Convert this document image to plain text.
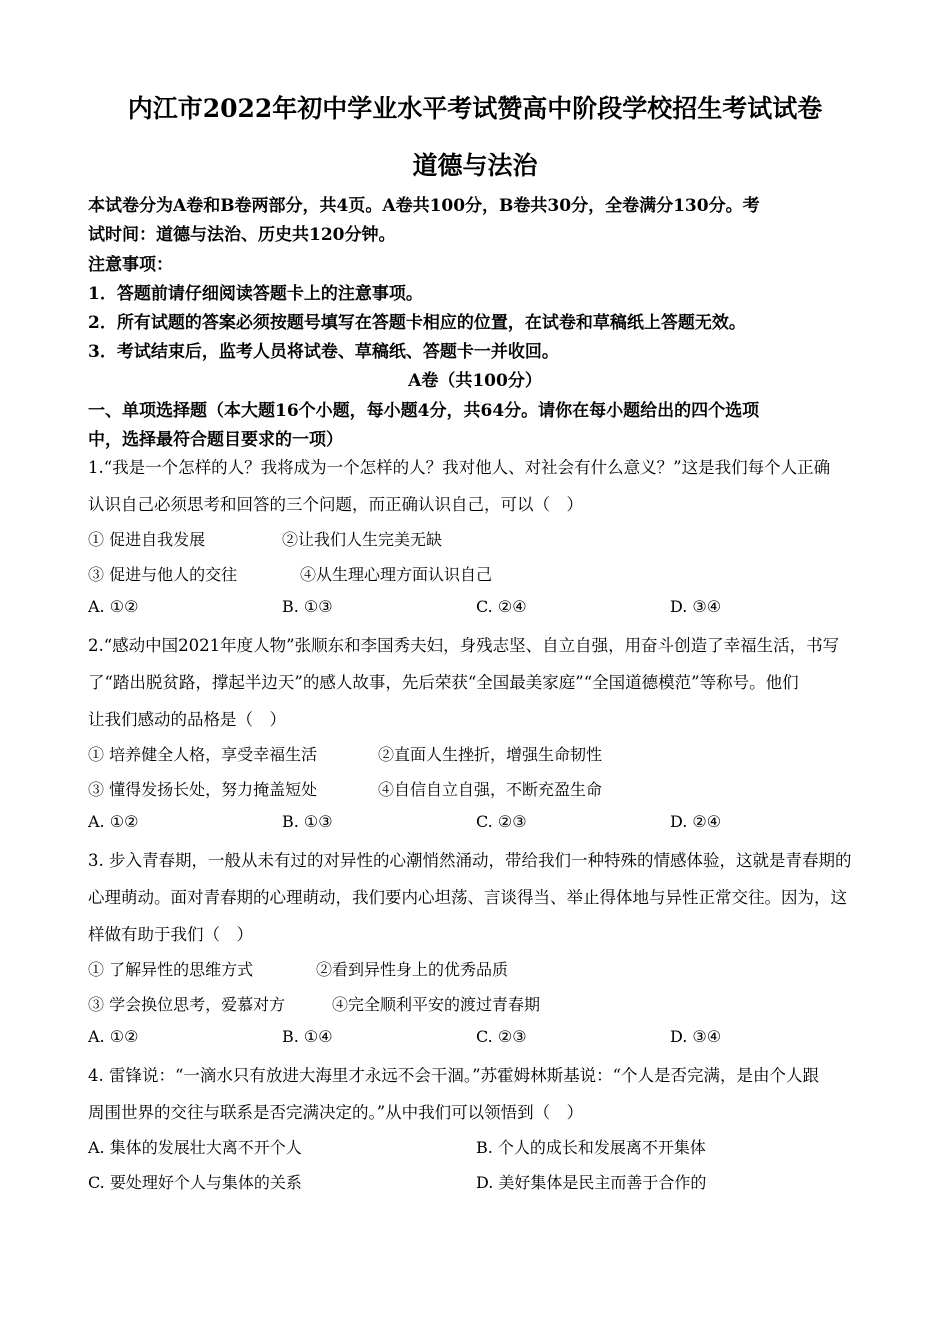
内江市2022年初中学业水平考试赞高中阶段学校招生考试试卷
道德与法治
本试卷分为A卷和B卷两部分，共4页。A卷共100分，B卷共30分，全卷满分130分。考
试时间：道德与法治、历史共120分钟。
注意事项：
1．答题前请仔细阅读答题卡上的注意事项。
2．所有试题的答案必须按题号填写在答题卡相应的位置，在试卷和草稿纸上答题无效。
3．考试结束后，监考人员将试卷、草稿纸、答题卡一并收回。
A卷（共100分）
一、单项选择题（本大题16个小题，每小题4分，共64分。请你在每小题给出的四个选项
中，选择最符合题目要求的一项）
1.“我是一个怎样的人？我将成为一个怎样的人？我对他人、对社会有什么意义？”这是我们每个人正确
认识自己必须思考和回答的三个问题，而正确认识自己，可以（　）
① 促进自我发展	②让我们人生完美无缺
③ 促进与他人的交往	④从生理心理方面认识自己
A. ①②	B. ①③	C. ②④	D. ③④
2.“感动中国2021年度人物”张顺东和李国秀夫妇，身残志坚、自立自强，用奋斗创造了幸福生活，书写
了“踏出脱贫路，撑起半边天”的感人故事，先后荣获“全国最美家庭”“全国道德模范”等称号。他们
让我们感动的品格是（　）
① 培养健全人格，享受幸福生活	②直面人生挫折，增强生命韧性
③ 懂得发扬长处，努力掩盖短处	④自信自立自强，不断充盈生命
A. ①②	B. ①③	C. ②③	D. ②④
3. 步入青春期，一般从未有过的对异性的心潮悄然涌动，带给我们一种特殊的情感体验，这就是青春期的
心理萌动。面对青春期的心理萌动，我们要内心坦荡、言谈得当、举止得体地与异性正常交往。因为，这
样做有助于我们（　）
① 了解异性的思维方式	②看到异性身上的优秀品质
③ 学会换位思考，爱慕对方	④完全顺利平安的渡过青春期
A. ①②	B. ①④	C. ②③	D. ③④
4. 雷锋说：“一滴水只有放进大海里才永远不会干涸。”苏霍姆林斯基说：“个人是否完满，是由个人跟
周围世界的交往与联系是否完满决定的。”从中我们可以领悟到（　）
A. 集体的发展壮大离不开个人	B. 个人的成长和发展离不开集体
C. 要处理好个人与集体的关系	D. 美好集体是民主而善于合作的
